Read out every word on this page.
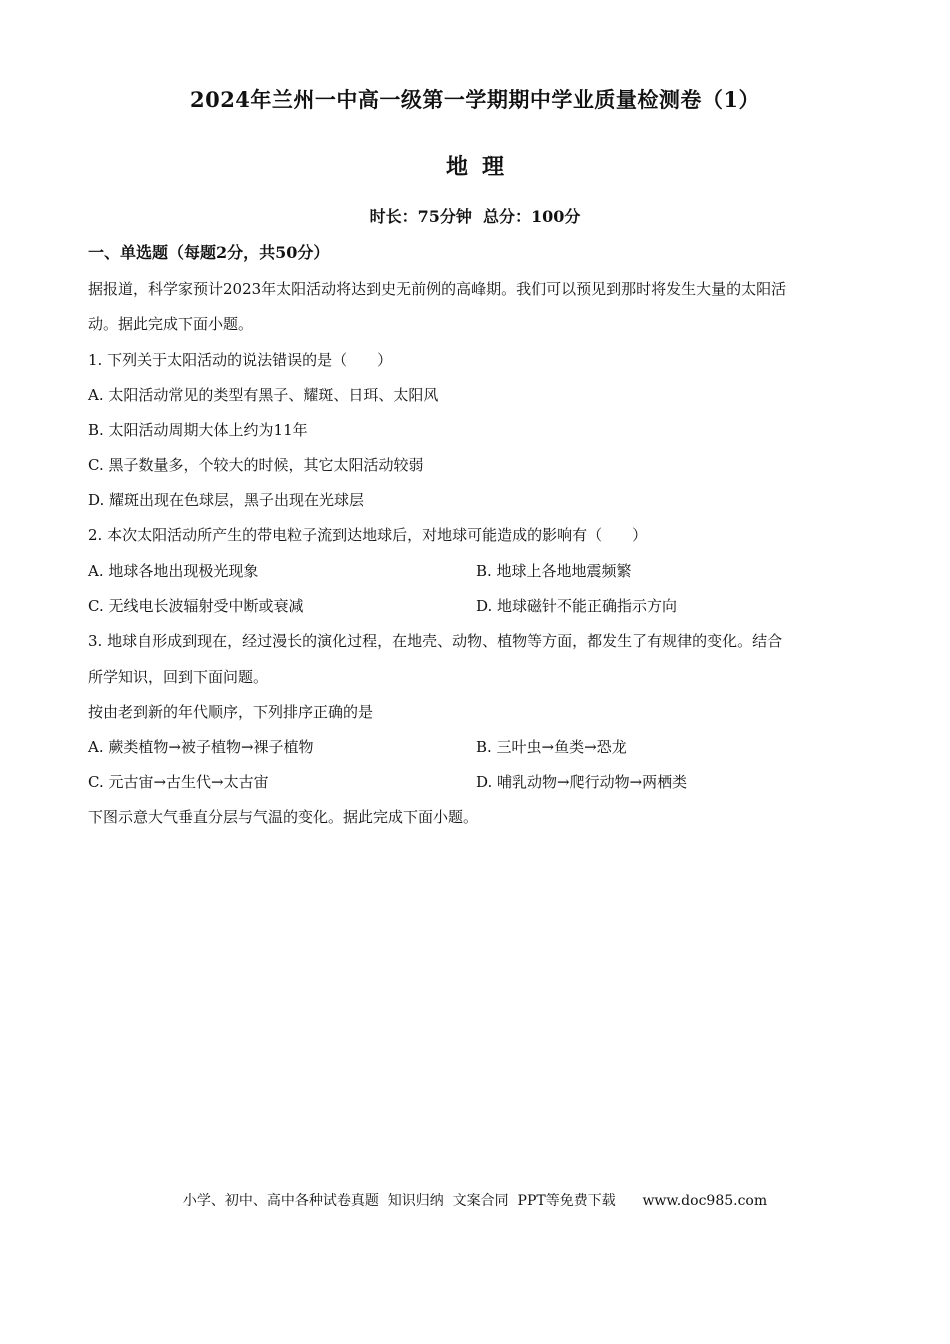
2024年兰州一中高一级第一学期期中学业质量检测卷（1）
地理
时长：75分钟  总分：100分
一、单选题（每题2分，共50分）
据报道，科学家预计2023年太阳活动将达到史无前例的高峰期。我们可以预见到那时将发生大量的太阳活
动。据此完成下面小题。
1. 下列关于太阳活动的说法错误的是（　　）
A. 太阳活动常见的类型有黑子、耀斑、日珥、太阳风
B. 太阳活动周期大体上约为11年
C. 黑子数量多，个较大的时候，其它太阳活动较弱
D. 耀斑出现在色球层，黑子出现在光球层
2. 本次太阳活动所产生的带电粒子流到达地球后，对地球可能造成的影响有（　　）
A. 地球各地出现极光现象	B. 地球上各地地震频繁
C. 无线电长波辐射受中断或衰减	D. 地球磁针不能正确指示方向
3. 地球自形成到现在，经过漫长的演化过程，在地壳、动物、植物等方面，都发生了有规律的变化。结合
所学知识，回到下面问题。
按由老到新的年代顺序，下列排序正确的是
A. 蕨类植物→被子植物→裸子植物	B. 三叶虫→鱼类→恐龙
C. 元古宙→古生代→太古宙	D. 哺乳动物→爬行动物→两栖类
下图示意大气垂直分层与气温的变化。据此完成下面小题。
小学、初中、高中各种试卷真题  知识归纳  文案合同  PPT等免费下载      www.doc985.com
